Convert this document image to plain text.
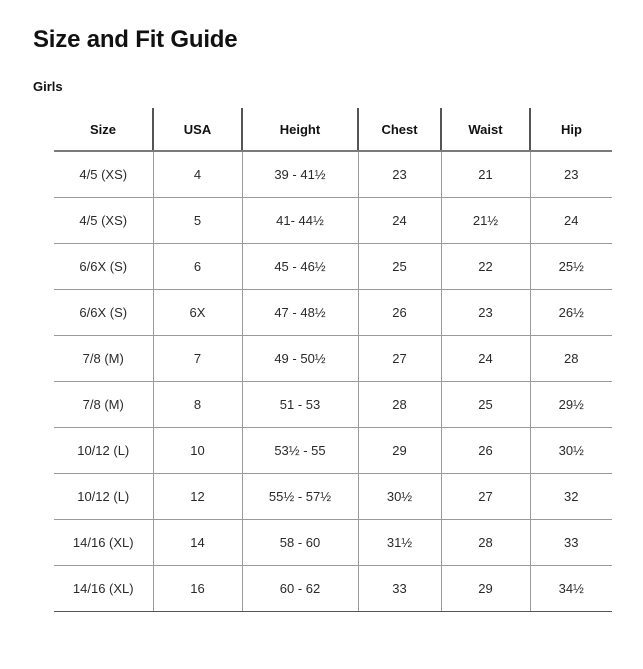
Size and Fit Guide
Girls
Size	USA	Height	Chest	Waist	Hip
4/5 (XS)	4	39 - 41½	23	21	23
4/5 (XS)	5	41- 44½	24	21½	24
6/6X (S)	6	45 - 46½	25	22	25½
6/6X (S)	6X	47 - 48½	26	23	26½
7/8 (M)	7	49 - 50½	27	24	28
7/8 (M)	8	51 - 53	28	25	29½
10/12 (L)	10	53½ - 55	29	26	30½
10/12 (L)	12	55½ - 57½	30½	27	32
14/16 (XL)	14	58 - 60	31½	28	33
14/16 (XL)	16	60 - 62	33	29	34½
